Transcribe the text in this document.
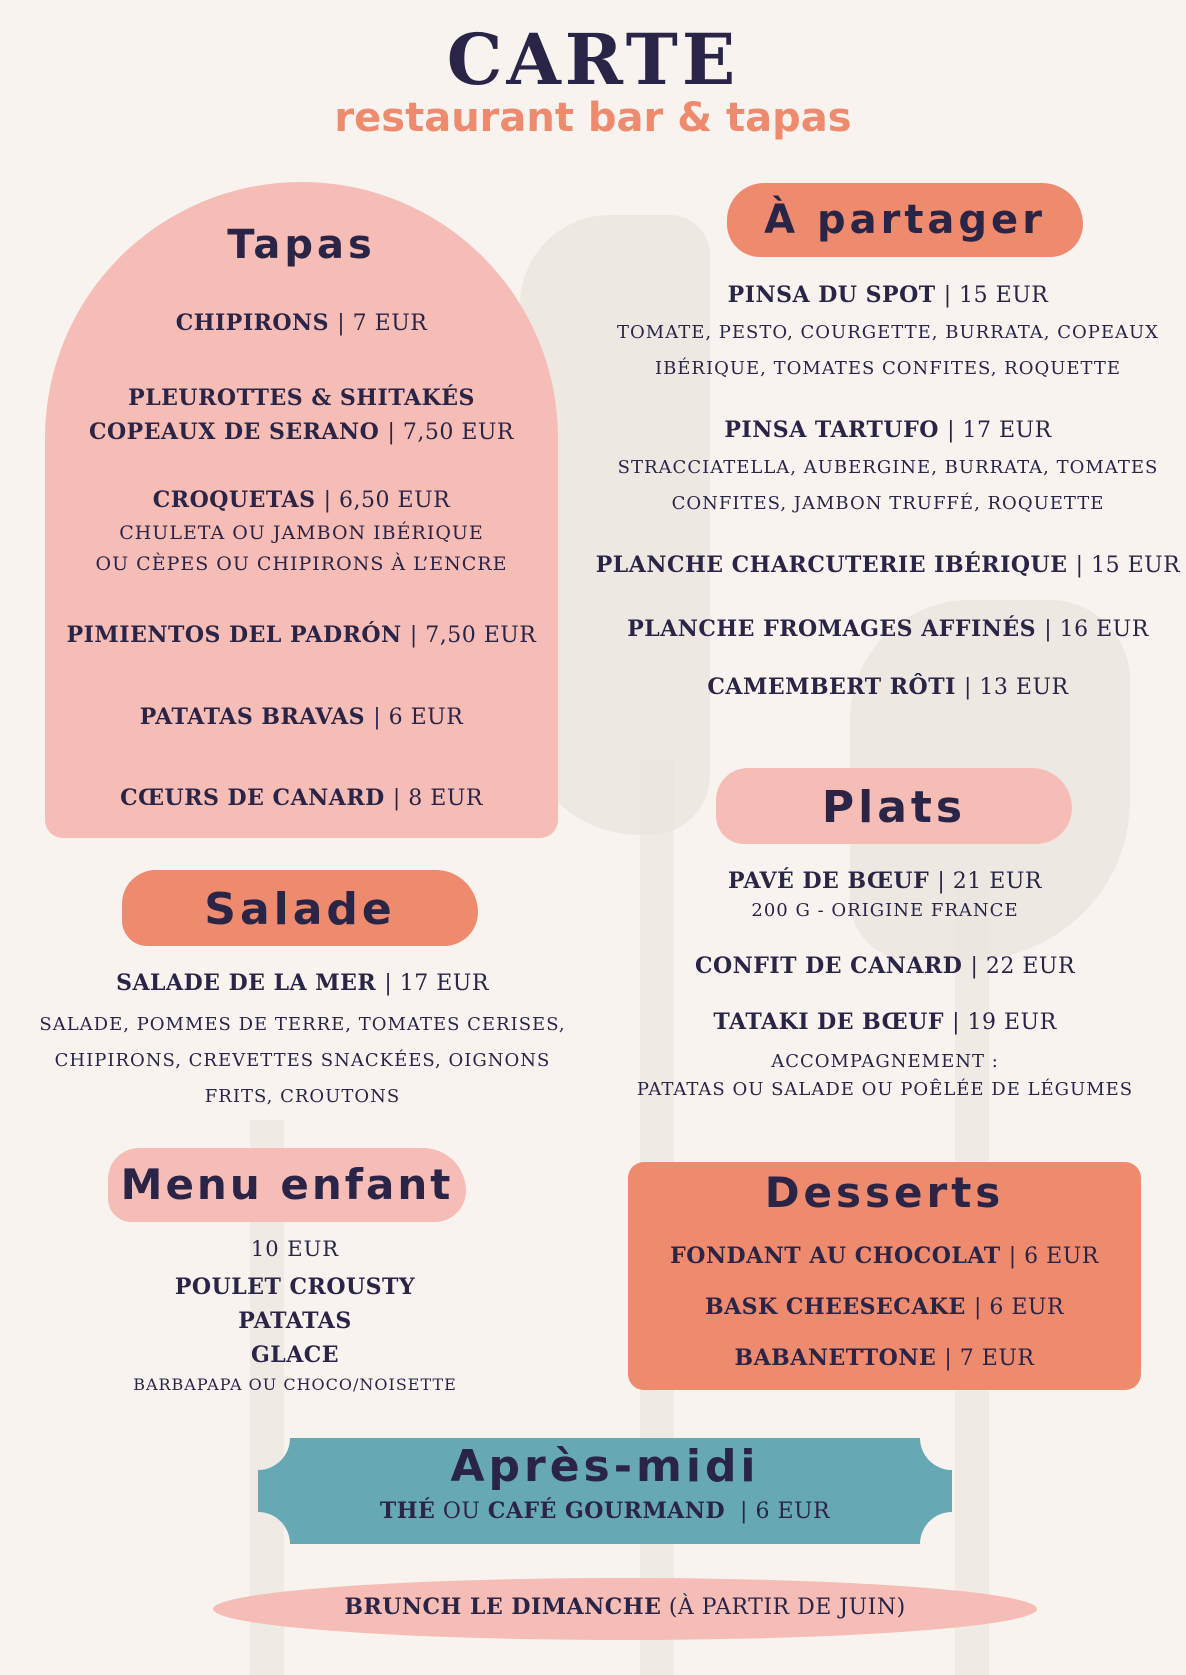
CARTE
restaurant bar & tapas
Tapas
CHIPIRONS | 7 EUR
PLEUROTTES & SHITAKÉS
COPEAUX DE SERANO | 7,50 EUR
CROQUETAS | 6,50 EUR
CHULETA OU JAMBON IBÉRIQUE
OU CÈPES OU CHIPIRONS À L’ENCRE
PIMIENTOS DEL PADRÓN | 7,50 EUR
PATATAS BRAVAS | 6 EUR
CŒURS DE CANARD | 8 EUR
Salade
SALADE DE LA MER | 17 EUR
SALADE, POMMES DE TERRE, TOMATES CERISES,
CHIPIRONS, CREVETTES SNACKÉES, OIGNONS
FRITS, CROUTONS
Menu enfant
10 EUR
POULET CROUSTY
PATATAS
GLACE
BARBAPAPA OU CHOCO/NOISETTE
À partager
PINSA DU SPOT | 15 EUR
TOMATE, PESTO, COURGETTE, BURRATA, COPEAUX
IBÉRIQUE, TOMATES CONFITES, ROQUETTE
PINSA TARTUFO | 17 EUR
STRACCIATELLA, AUBERGINE, BURRATA, TOMATES
CONFITES, JAMBON TRUFFÉ, ROQUETTE
PLANCHE CHARCUTERIE IBÉRIQUE | 15 EUR
PLANCHE FROMAGES AFFINÉS | 16 EUR
CAMEMBERT RÔTI | 13 EUR
Plats
PAVÉ DE BŒUF | 21 EUR
200 G - ORIGINE FRANCE
CONFIT DE CANARD | 22 EUR
TATAKI DE BŒUF | 19 EUR
ACCOMPAGNEMENT :
PATATAS OU SALADE OU POÊLÉE DE LÉGUMES
Desserts
FONDANT AU CHOCOLAT | 6 EUR
BASK CHEESECAKE | 6 EUR
BABANETTONE | 7 EUR
Après-midi
THÉ OU CAFÉ GOURMAND | 6 EUR
BRUNCH LE DIMANCHE (À PARTIR DE JUIN)
